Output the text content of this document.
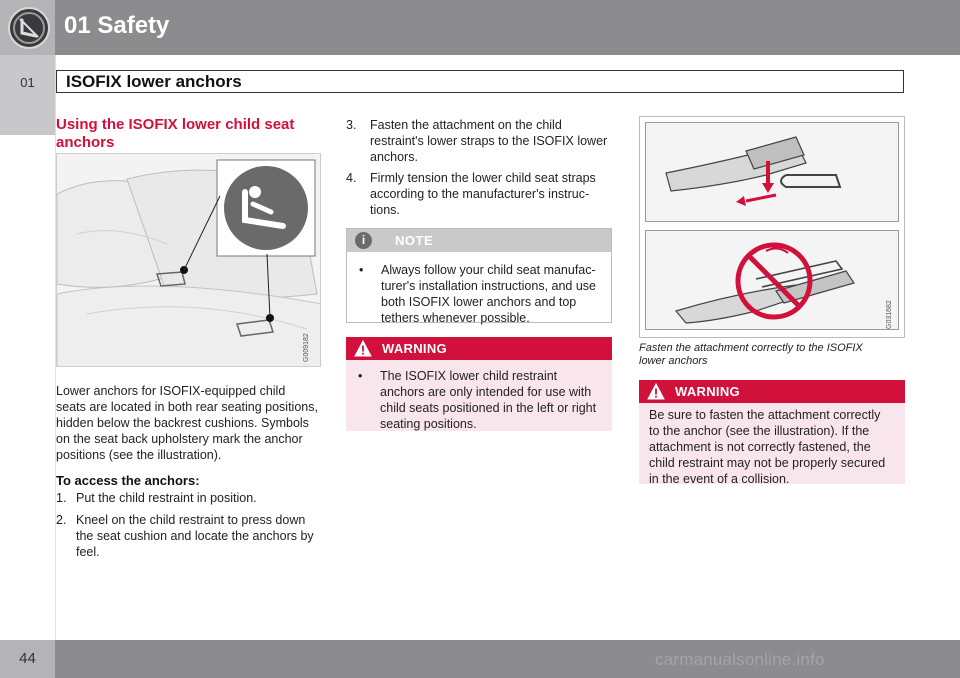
01 Safety
01	ISOFIX lower anchors
Using the ISOFIX lower child seat anchors
G009182
Lower anchors for ISOFIX-equipped child
seats are located in both rear seating positions,
hidden below the backrest cushions. Symbols
on the seat back upholstery mark the anchor
positions (see the illustration).
To access the anchors:
1. Put the child restraint in position.
2. Kneel on the child restraint to press down
the seat cushion and locate the anchors by
feel.
3. Fasten the attachment on the child
restraint's lower straps to the ISOFIX lower
anchors.
4. Firmly tension the lower child seat straps
according to the manufacturer's instruc-
tions.
i	NOTE
• Always follow your child seat manufac-
turer's installation instructions, and use
both ISOFIX lower anchors and top
tethers whenever possible.
WARNING
• The ISOFIX lower child restraint
anchors are only intended for use with
child seats positioned in the left or right
seating positions.
G031682
Fasten the attachment correctly to the ISOFIX
lower anchors
WARNING
Be sure to fasten the attachment correctly
to the anchor (see the illustration). If the
attachment is not correctly fastened, the
child restraint may not be properly secured
in the event of a collision.
44	carmanualsonline.info
